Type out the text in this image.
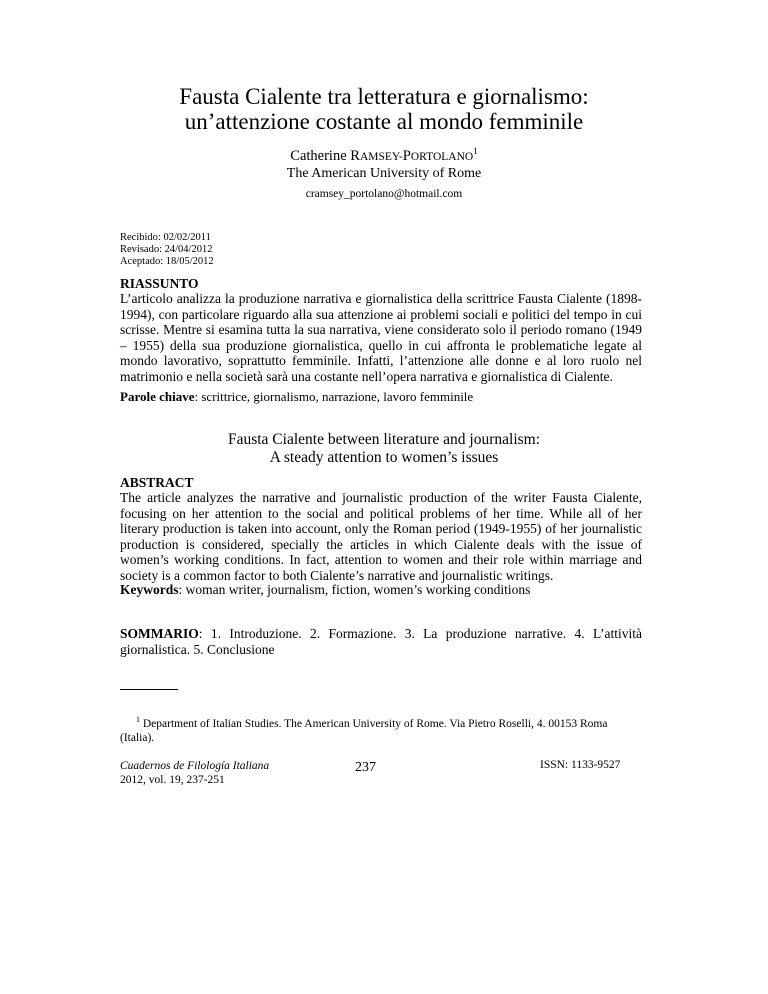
Fausta Cialente tra letteratura e giornalismo:
un’attenzione costante al mondo femminile
Catherine RAMSEY-PORTOLANO$^1$
The American University of Rome
cramsey_portolano@hotmail.com
Recibido: 02/02/2011
Revisado: 24/04/2012
Aceptado: 18/05/2012
RIASSUNTO
L’articolo analizza la produzione narrativa e giornalistica della scrittrice Fausta Cialente (1898-1994), con particolare riguardo alla sua attenzione ai problemi sociali e politici del tempo in cui scrisse. Mentre si esamina tutta la sua narrativa, viene considerato solo il periodo romano (1949 – 1955) della sua produzione giornalistica, quello in cui affronta le problematiche legate al mondo lavorativo, soprattutto femminile. Infatti, l’attenzione alle donne e al loro ruolo nel matrimonio e nella società sarà una costante nell’opera narrativa e giornalistica di Cialente.
Parole chiave: scrittrice, giornalismo, narrazione, lavoro femminile
Fausta Cialente between literature and journalism:
A steady attention to women’s issues
ABSTRACT
The article analyzes the narrative and journalistic production of the writer Fausta Cialente, focusing on her attention to the social and political problems of her time. While all of her literary production is taken into account, only the Roman period (1949-1955) of her journalistic production is considered, specially the articles in which Cialente deals with the issue of women’s working conditions. In fact, attention to women and their role within marriage and society is a common factor to both Cialente’s narrative and journalistic writings.
Keywords: woman writer, journalism, fiction, women’s working conditions
SOMMARIO: 1. Introduzione. 2. Formazione. 3. La produzione narrative. 4. L’attività giornalistica. 5. Conclusione
$^1$ Department of Italian Studies. The American University of Rome. Via Pietro Roselli, 4. 00153 Roma (Italia).
Cuadernos de Filología Italiana
2012, vol. 19, 237-251
237	ISSN: 1133-9527
